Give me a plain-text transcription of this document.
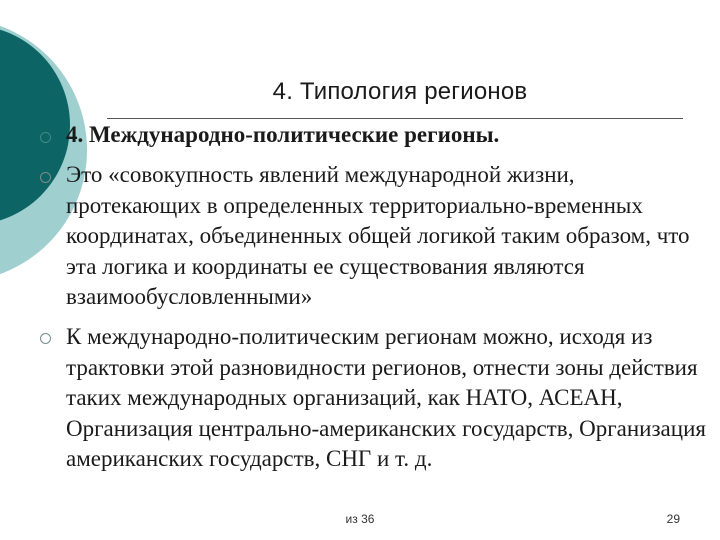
4. Типология регионов
4. Международно-политические регионы.
Это «совокупность явлений международной жизни, протекающих в определенных территориально-временных координатах, объединенных общей логикой таким образом, что эта логика и координаты ее существования являются взаимообусловленными»
К международно-политическим регионам можно, исходя из трактовки этой разновидности регионов, отнести зоны действия таких международных организаций, как НАТО, АСЕАН, Организация центрально-американских государств, Организация американских государств, СНГ и т. д.
из 36	29
